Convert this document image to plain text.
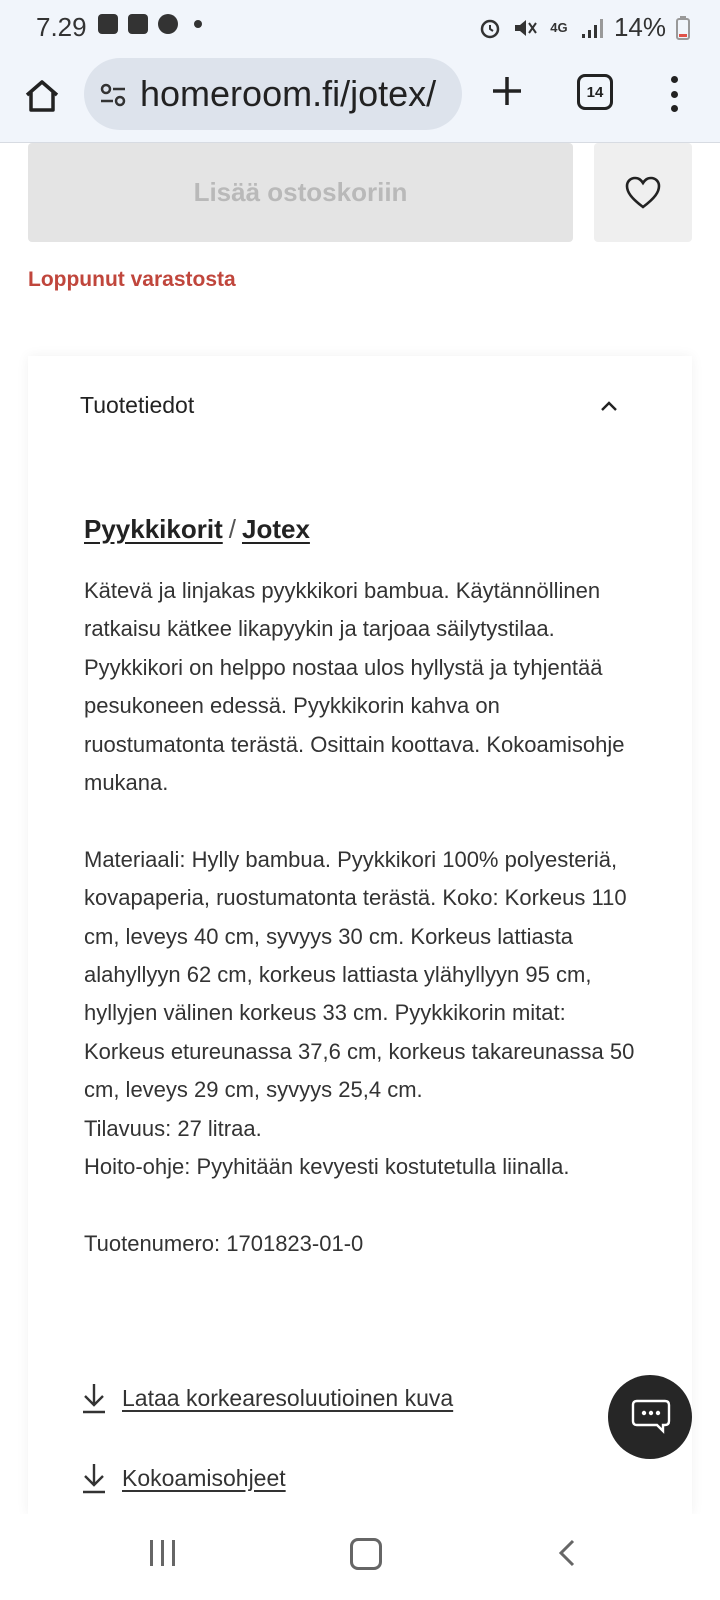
7.29	4G 14%
homeroom.fi/jotex/	14
Lisää ostoskoriin
Loppunut varastosta
Tuotetiedot
Pyykkikorit / Jotex

Kätevä ja linjakas pyykkikori bambua. Käytännöllinen ratkaisu kätkee likapyykin ja tarjoaa säilytystilaa. Pyykkikori on helppo nostaa ulos hyllystä ja tyhjentää pesukoneen edessä. Pyykkikorin kahva on ruostumatonta terästä. Osittain koottava. Kokoamisohje mukana.

Materiaali: Hylly bambua. Pyykkikori 100% polyesteriä, kovapaperia, ruostumatonta terästä. Koko: Korkeus 110 cm, leveys 40 cm, syvyys 30 cm. Korkeus lattiasta alahyllyyn 62 cm, korkeus lattiasta ylähyllyyn 95 cm, hyllyjen välinen korkeus 33 cm. Pyykkikorin mitat: Korkeus etureunassa 37,6 cm, korkeus takareunassa 50 cm, leveys 29 cm, syvyys 25,4 cm.
Tilavuus: 27 litraa.
Hoito-ohje: Pyyhitään kevyesti kostutetulla liinalla.

Tuotenumero: 1701823-01-0

Lataa korkearesoluutioinen kuva
Kokoamisohjeet
